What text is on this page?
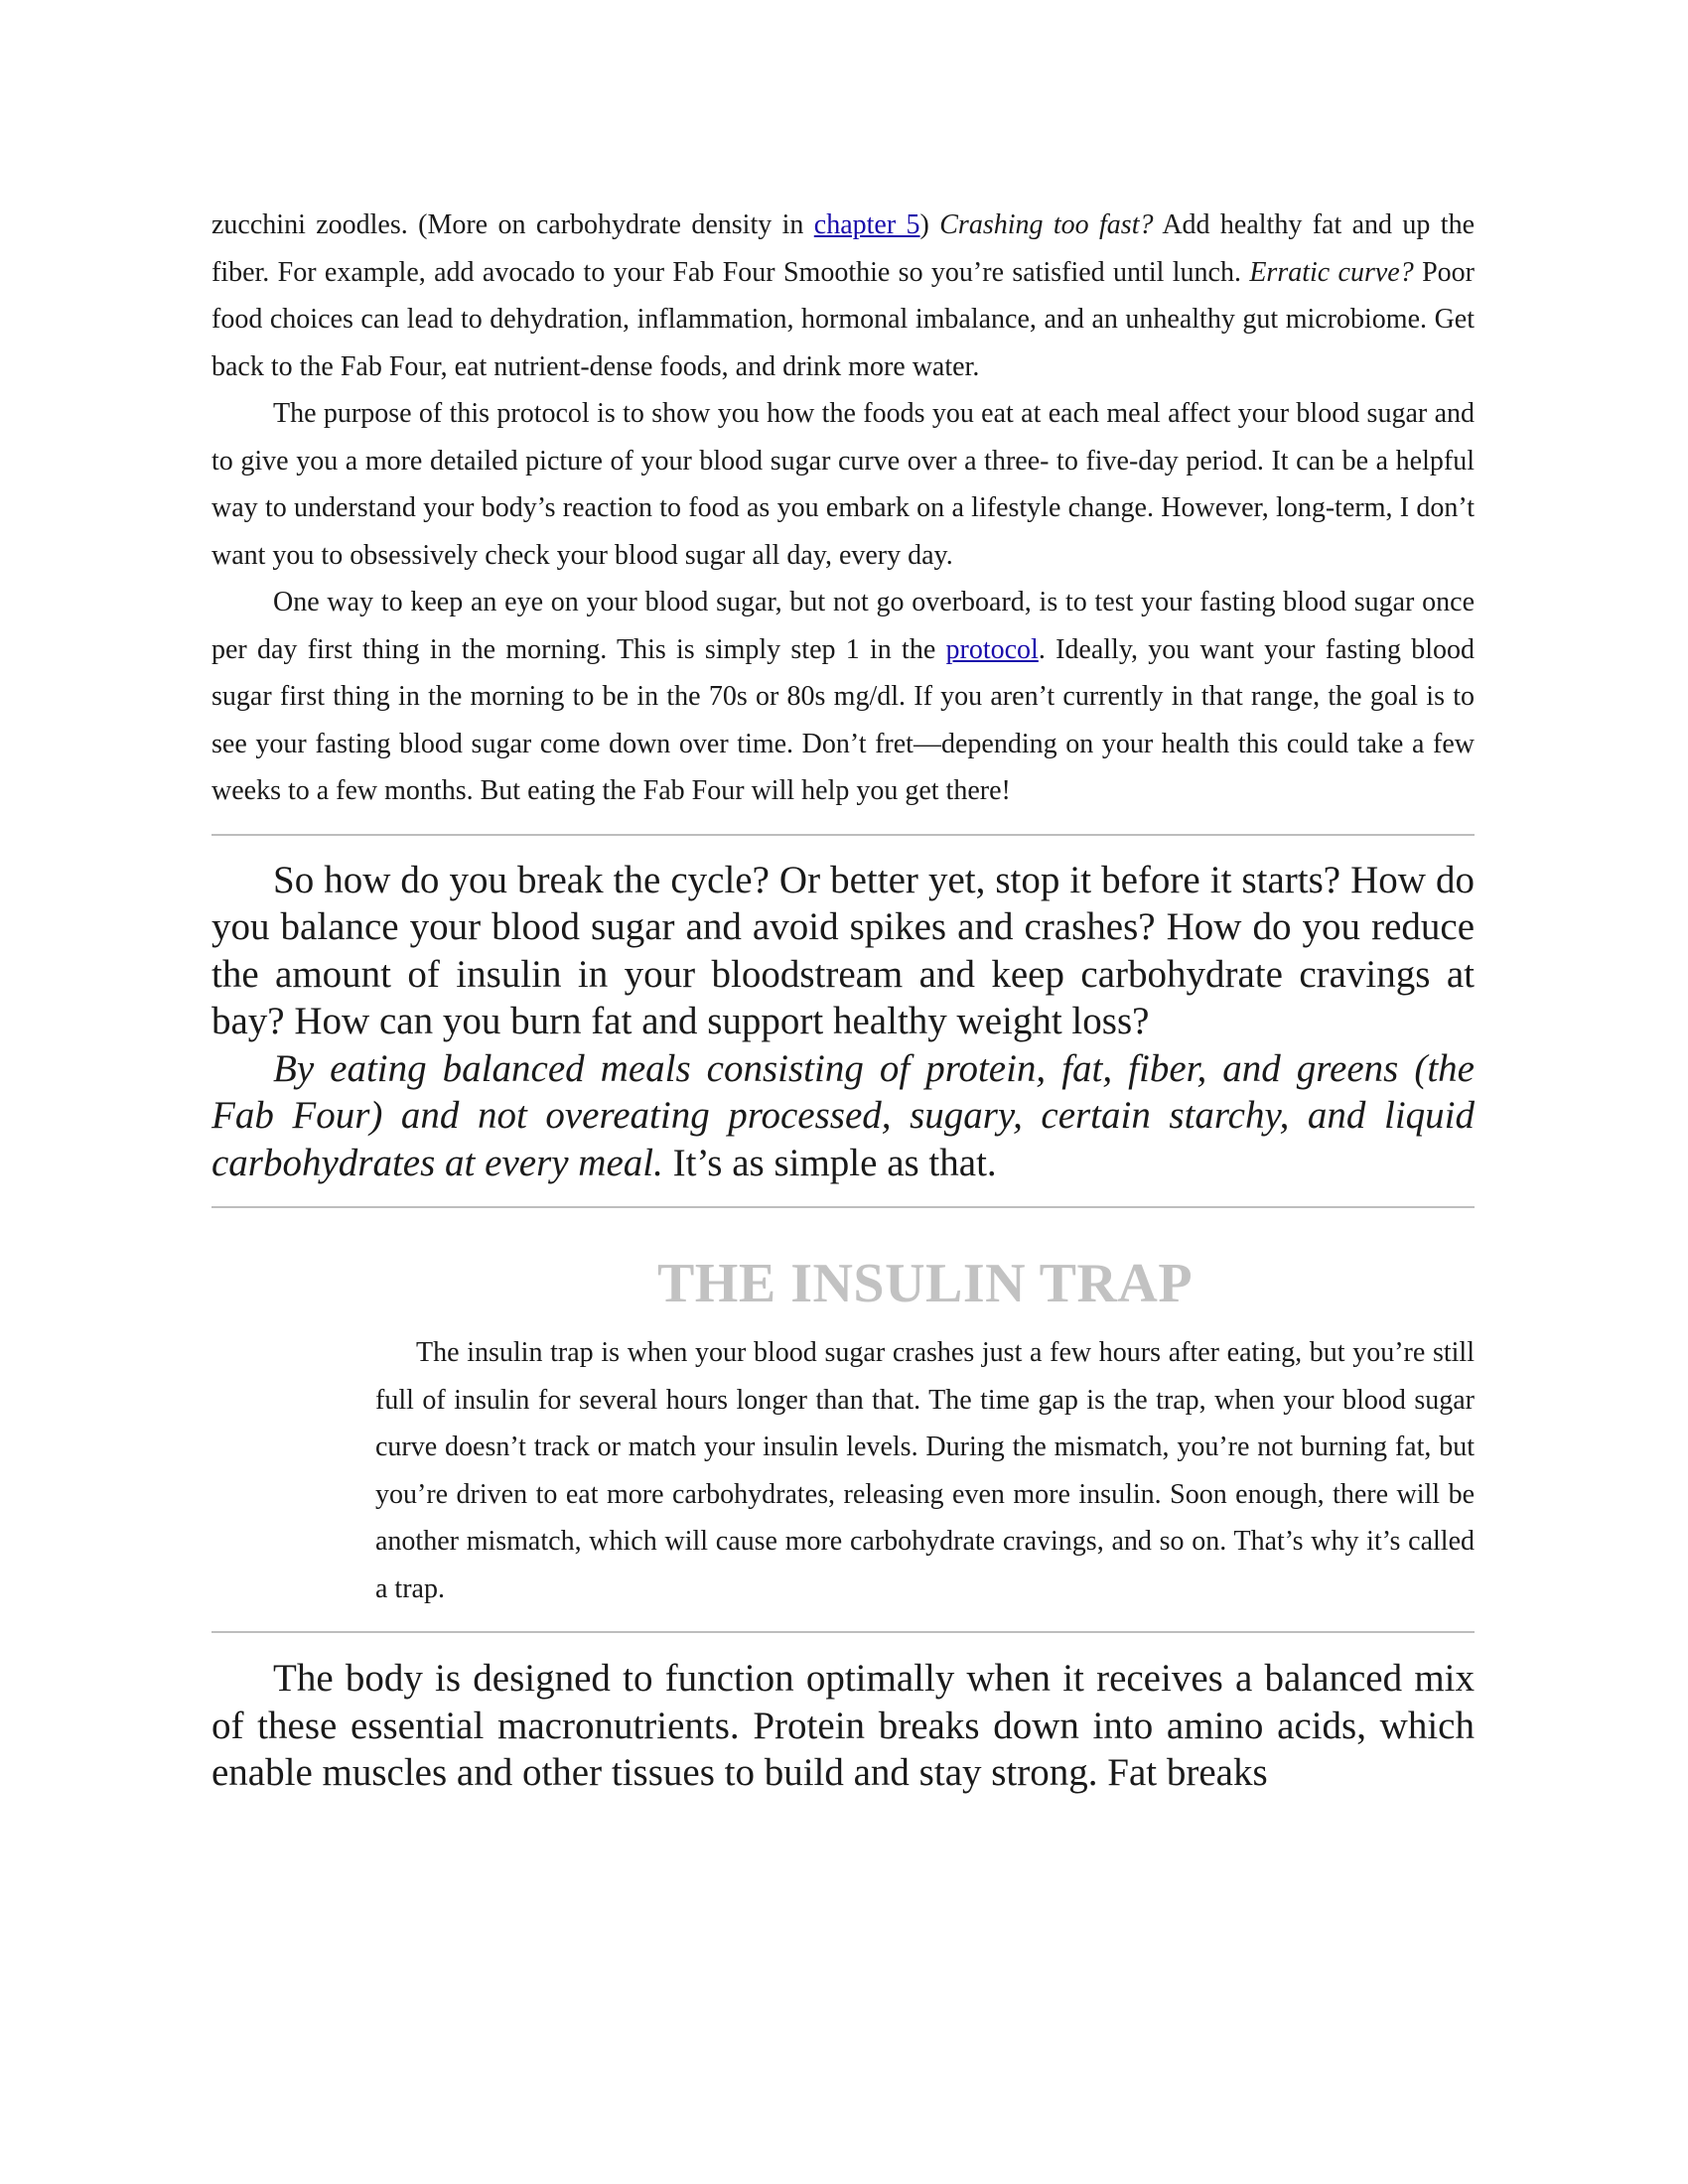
zucchini zoodles. (More on carbohydrate density in chapter 5) Crashing too fast? Add healthy fat and up the fiber. For example, add avocado to your Fab Four Smoothie so you’re satisfied until lunch. Erratic curve? Poor food choices can lead to dehydration, inflammation, hormonal imbalance, and an unhealthy gut microbiome. Get back to the Fab Four, eat nutrient-dense foods, and drink more water.

The purpose of this protocol is to show you how the foods you eat at each meal affect your blood sugar and to give you a more detailed picture of your blood sugar curve over a three- to five-day period. It can be a helpful way to understand your body’s reaction to food as you embark on a lifestyle change. However, long-term, I don’t want you to obsessively check your blood sugar all day, every day.

One way to keep an eye on your blood sugar, but not go overboard, is to test your fasting blood sugar once per day first thing in the morning. This is simply step 1 in the protocol. Ideally, you want your fasting blood sugar first thing in the morning to be in the 70s or 80s mg/dl. If you aren’t currently in that range, the goal is to see your fasting blood sugar come down over time. Don’t fret—depending on your health this could take a few weeks to a few months. But eating the Fab Four will help you get there!

So how do you break the cycle? Or better yet, stop it before it starts? How do you balance your blood sugar and avoid spikes and crashes? How do you reduce the amount of insulin in your bloodstream and keep carbohydrate cravings at bay? How can you burn fat and support healthy weight loss?

By eating balanced meals consisting of protein, fat, fiber, and greens (the Fab Four) and not overeating processed, sugary, certain starchy, and liquid carbohydrates at every meal. It’s as simple as that.

THE INSULIN TRAP

The insulin trap is when your blood sugar crashes just a few hours after eating, but you’re still full of insulin for several hours longer than that. The time gap is the trap, when your blood sugar curve doesn’t track or match your insulin levels. During the mismatch, you’re not burning fat, but you’re driven to eat more carbohydrates, releasing even more insulin. Soon enough, there will be another mismatch, which will cause more carbohydrate cravings, and so on. That’s why it’s called a trap.

The body is designed to function optimally when it receives a balanced mix of these essential macronutrients. Protein breaks down into amino acids, which enable muscles and other tissues to build and stay strong. Fat breaks
